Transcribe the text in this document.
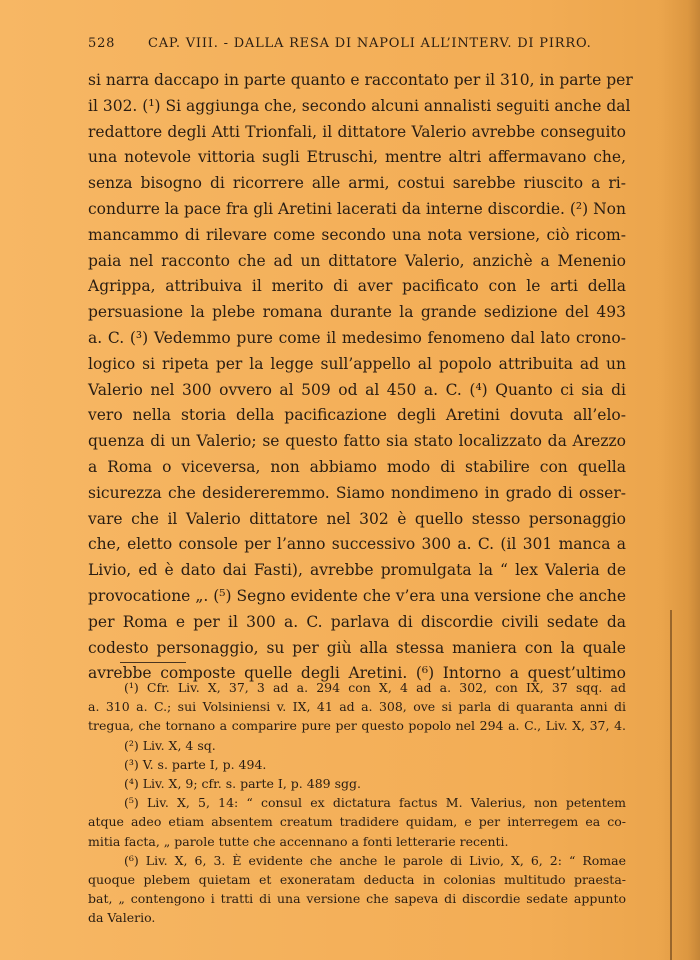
528	CAP. VIII. - DALLA RESA DI NAPOLI ALL’INTERV. DI PIRRO.
si narra daccapo in parte quanto e raccontato per il 310, in parte per
il 302. (¹) Si aggiunga che, secondo alcuni annalisti seguiti anche dal
redattore degli Atti Trionfali, il dittatore Valerio avrebbe conseguito
una notevole vittoria sugli Etruschi, mentre altri affermavano che,
senza bisogno di ricorrere alle armi, costui sarebbe riuscito a ri-
condurre la pace fra gli Aretini lacerati da interne discordie. (²) Non
mancammo di rilevare come secondo una nota versione, ciò ricom-
paia nel racconto che ad un dittatore Valerio, anzichè a Menenio
Agrippa, attribuiva il merito di aver pacificato con le arti della
persuasione la plebe romana durante la grande sedizione del 493
a. C. (³) Vedemmo pure come il medesimo fenomeno dal lato crono-
logico si ripeta per la legge sull’appello al popolo attribuita ad un
Valerio nel 300 ovvero al 509 od al 450 a. C. (⁴) Quanto ci sia di
vero nella storia della pacificazione degli Aretini dovuta all’elo-
quenza di un Valerio; se questo fatto sia stato localizzato da Arezzo
a Roma o viceversa, non abbiamo modo di stabilire con quella
sicurezza che desidereremmo. Siamo nondimeno in grado di osser-
vare che il Valerio dittatore nel 302 è quello stesso personaggio
che, eletto console per l’anno successivo 300 a. C. (il 301 manca a
Livio, ed è dato dai Fasti), avrebbe promulgata la “ lex Valeria de
provocatione „. (⁵) Segno evidente che v’era una versione che anche
per Roma e per il 300 a. C. parlava di discordie civili sedate da
codesto personaggio, su per giù alla stessa maniera con la quale
avrebbe composte quelle degli Aretini. (⁶) Intorno a quest’ultimo
(¹) Cfr. Liv. X, 37, 3 ad a. 294 con X, 4 ad a. 302, con IX, 37 sqq. ad
a. 310 a. C.; sui Volsiniensi v. IX, 41 ad a. 308, ove si parla di quaranta anni di
tregua, che tornano a comparire pure per questo popolo nel 294 a. C., Liv. X, 37, 4.
(²) Liv. X, 4 sq.
(³) V. s. parte I, p. 494.
(⁴) Liv. X, 9; cfr. s. parte I, p. 489 sgg.
(⁵) Liv. X, 5, 14: “ consul ex dictatura factus M. Valerius, non petentem
atque adeo etiam absentem creatum tradidere quidam, e per interregem ea co-
mitia facta, „ parole tutte che accennano a fonti letterarie recenti.
(⁶) Liv. X, 6, 3. È evidente che anche le parole di Livio, X, 6, 2: “ Romae
quoque plebem quietam et exoneratam deducta in colonias multitudo praesta-
bat, „ contengono i tratti di una versione che sapeva di discordie sedate appunto
da Valerio.
